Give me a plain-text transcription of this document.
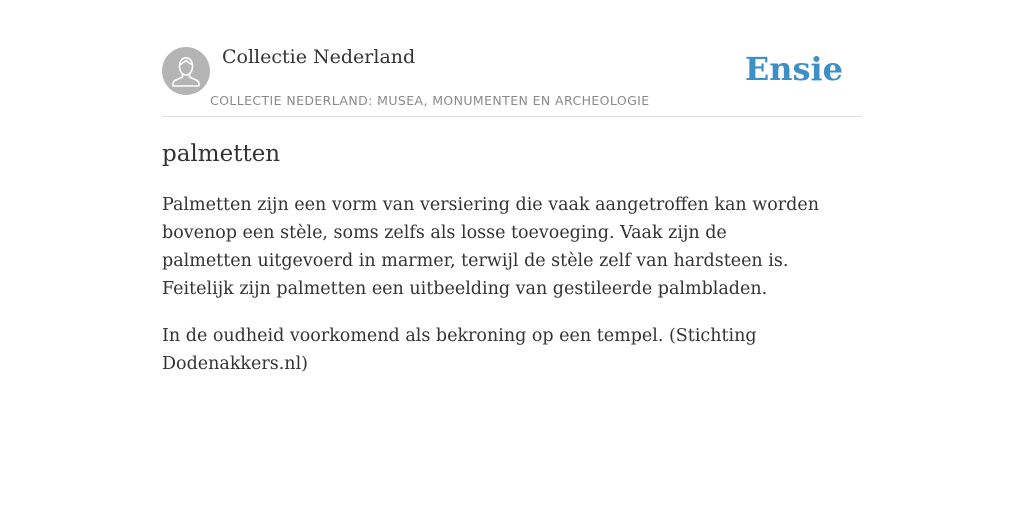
Collectie Nederland
COLLECTIE NEDERLAND: MUSEA, MONUMENTEN EN ARCHEOLOGIE
Ensie
palmetten

Palmetten zijn een vorm van versiering die vaak aangetroffen kan worden bovenop een stèle, soms zelfs als losse toevoeging. Vaak zijn de palmetten uitgevoerd in marmer, terwijl de stèle zelf van hardsteen is. Feitelijk zijn palmetten een uitbeelding van gestileerde palmbladen.

In de oudheid voorkomend als bekroning op een tempel. (Stichting Dodenakkers.nl)
